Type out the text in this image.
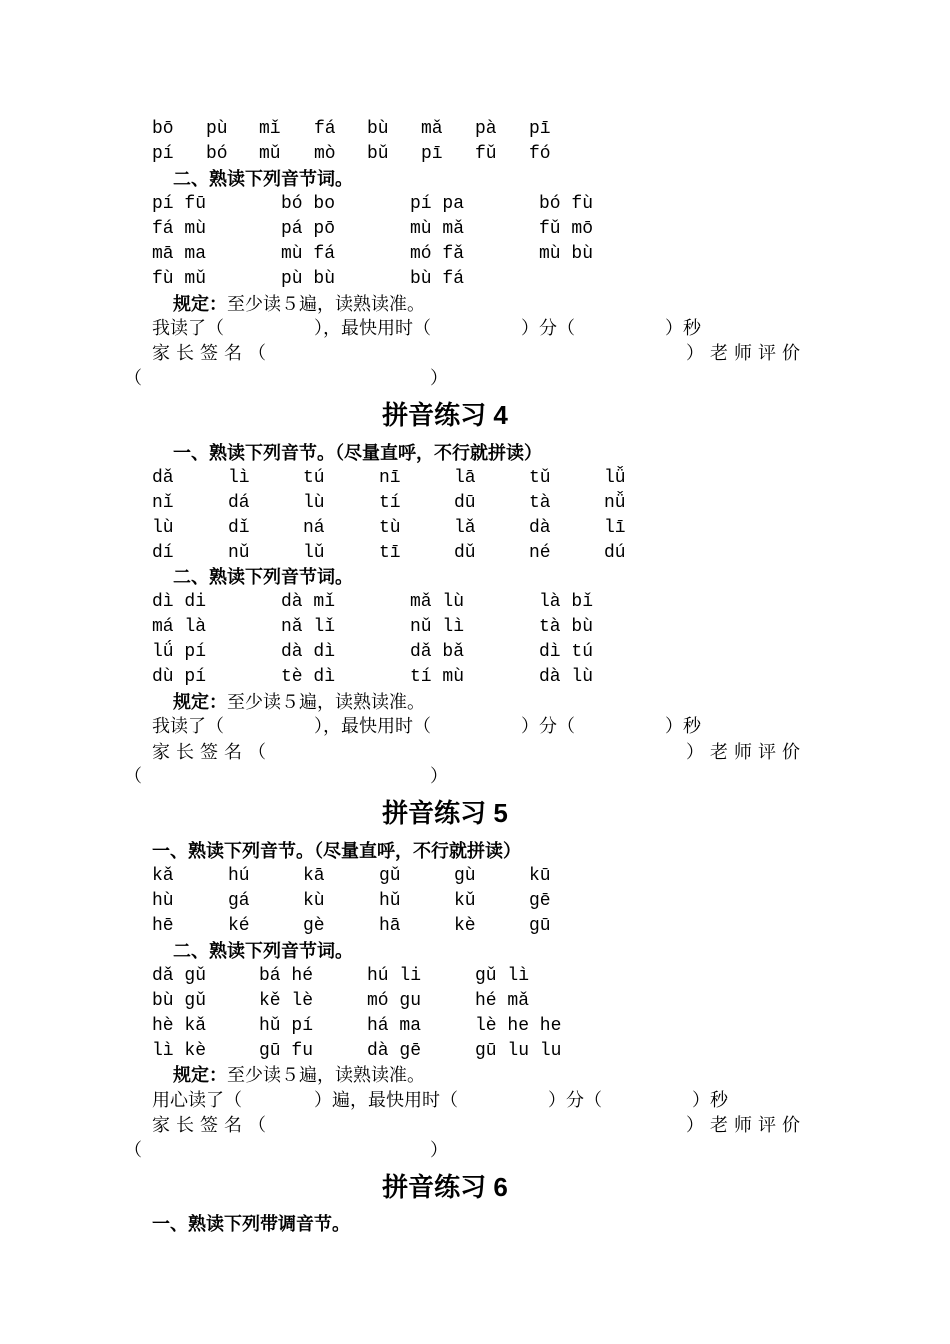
bō pù mǐ fá bù mǎ pà pī
pí bó mǔ mò bǔ pī fǔ fó
二、熟读下列音节词。
pí fū	bó bo	pí pa	bó fù
fá mù	pá pō	mù mǎ	fǔ mō
mā ma	mù fá	mó fǎ	mù bù
fù mǔ	pù bù	bù fá
规定：至少读５遍，读熟读准。
我读了（　　　　　），最快用时（　　　　　）分（　　　　　）秒
家长签名（	）老师评价
（　　　　　　　　　　　　　　　　）
拼音练习 4
一、熟读下列音节。（尽量直呼，不行就拼读）
dǎ	lì	tú	nī	lā	tǔ	lǚ
nǐ	dá	lù	tí	dū	tà	nǚ
lù	dǐ	ná	tù	lǎ	dà	lī
dí	nǔ	lǔ	tī	dǔ	né	dú
二、熟读下列音节词。
dì di	dà mǐ	mǎ lù	là bǐ
má là	nǎ lǐ	nǔ lì	tà bù
lǘ pí	dà dì	dǎ bǎ	dì tú
dù pí	tè dì	tí mù	dà lù
规定：至少读５遍，读熟读准。
我读了（　　　　　），最快用时（　　　　　）分（　　　　　）秒
家长签名（	）老师评价
（　　　　　　　　　　　　　　　　）
拼音练习 5
一、熟读下列音节。（尽量直呼，不行就拼读）
kǎ	hú	kā	gǔ	gù	kū
hù	gá	kù	hǔ	kǔ	gē
hē	ké	gè	hā	kè	gū
二、熟读下列音节词。
dǎ gǔ	bá hé	hú li	gǔ lì
bù gǔ	kě lè	mó gu	hé mǎ
hè kǎ	hǔ pí	há ma	lè he he
lì kè	gū fu	dà gē	gū lu lu
规定：至少读５遍，读熟读准。
用心读了（　　　　）遍，最快用时（　　　　　）分（　　　　　）秒
家长签名（	）老师评价
（　　　　　　　　　　　　　　　　）
拼音练习 6
一、熟读下列带调音节。
